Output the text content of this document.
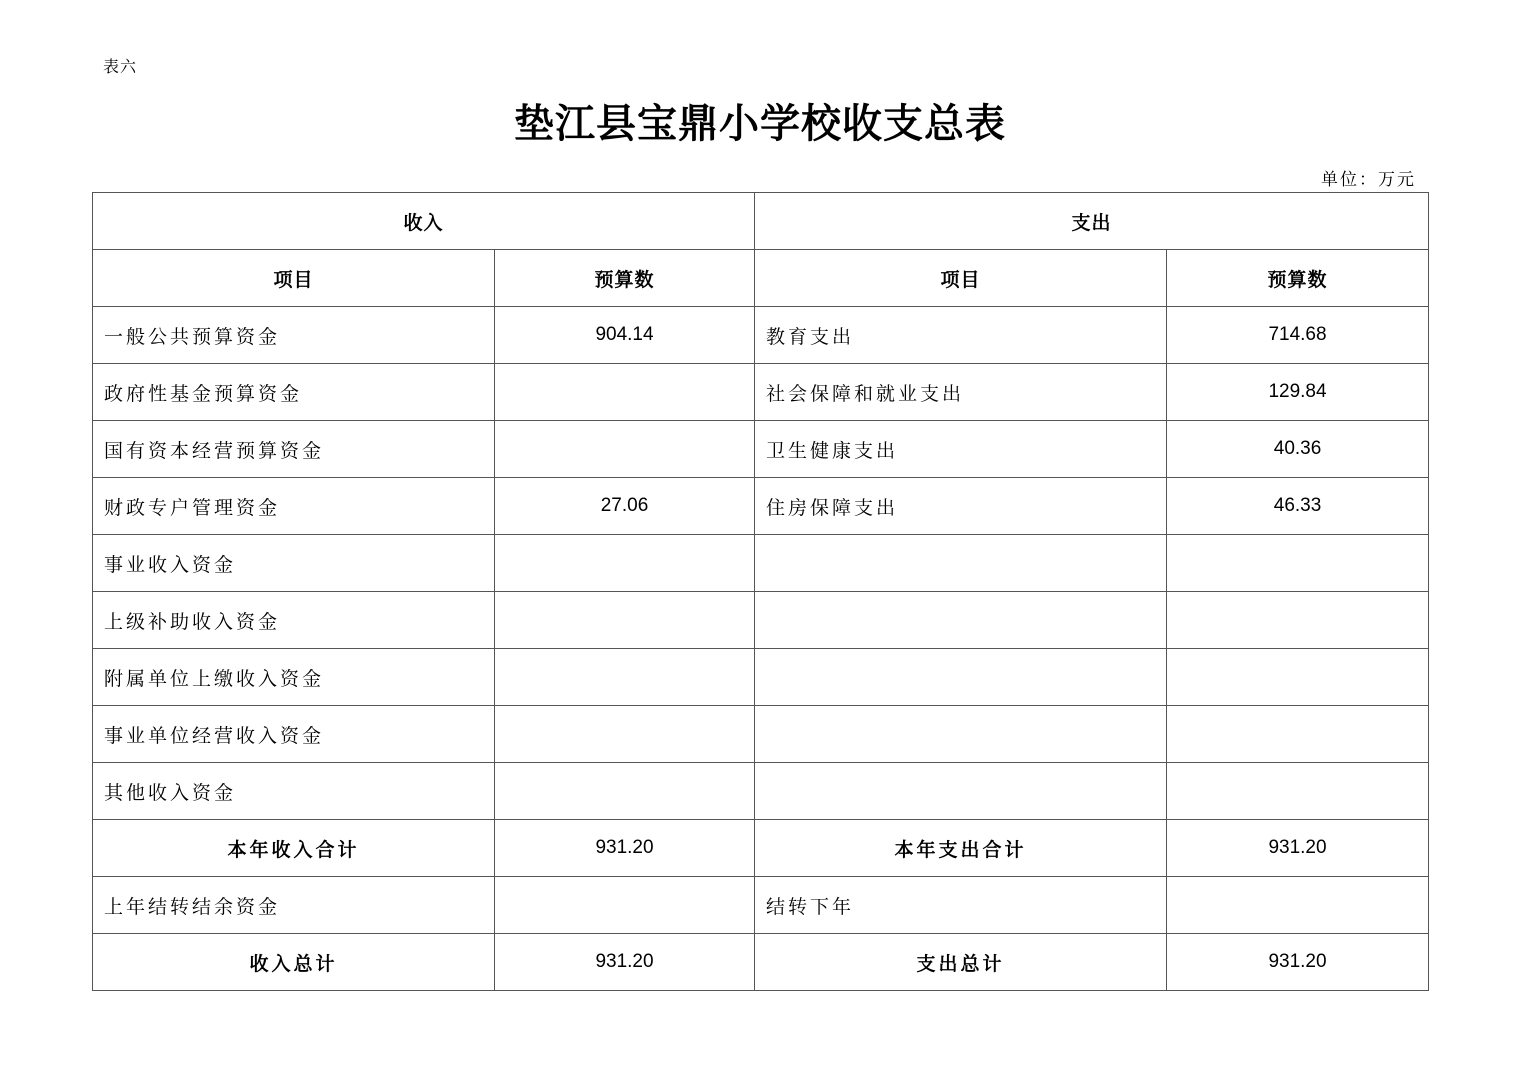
表六
垫江县宝鼎小学校收支总表
单位：万元
收入		支出	
项目	预算数	项目	预算数
一般公共预算资金	904.14	教育支出	714.68
政府性基金预算资金		社会保障和就业支出	129.84
国有资本经营预算资金		卫生健康支出	40.36
财政专户管理资金	27.06	住房保障支出	46.33
事业收入资金			
上级补助收入资金			
附属单位上缴收入资金			
事业单位经营收入资金			
其他收入资金			
本年收入合计	931.20	本年支出合计	931.20
上年结转结余资金		结转下年	
收入总计	931.20	支出总计	931.20
